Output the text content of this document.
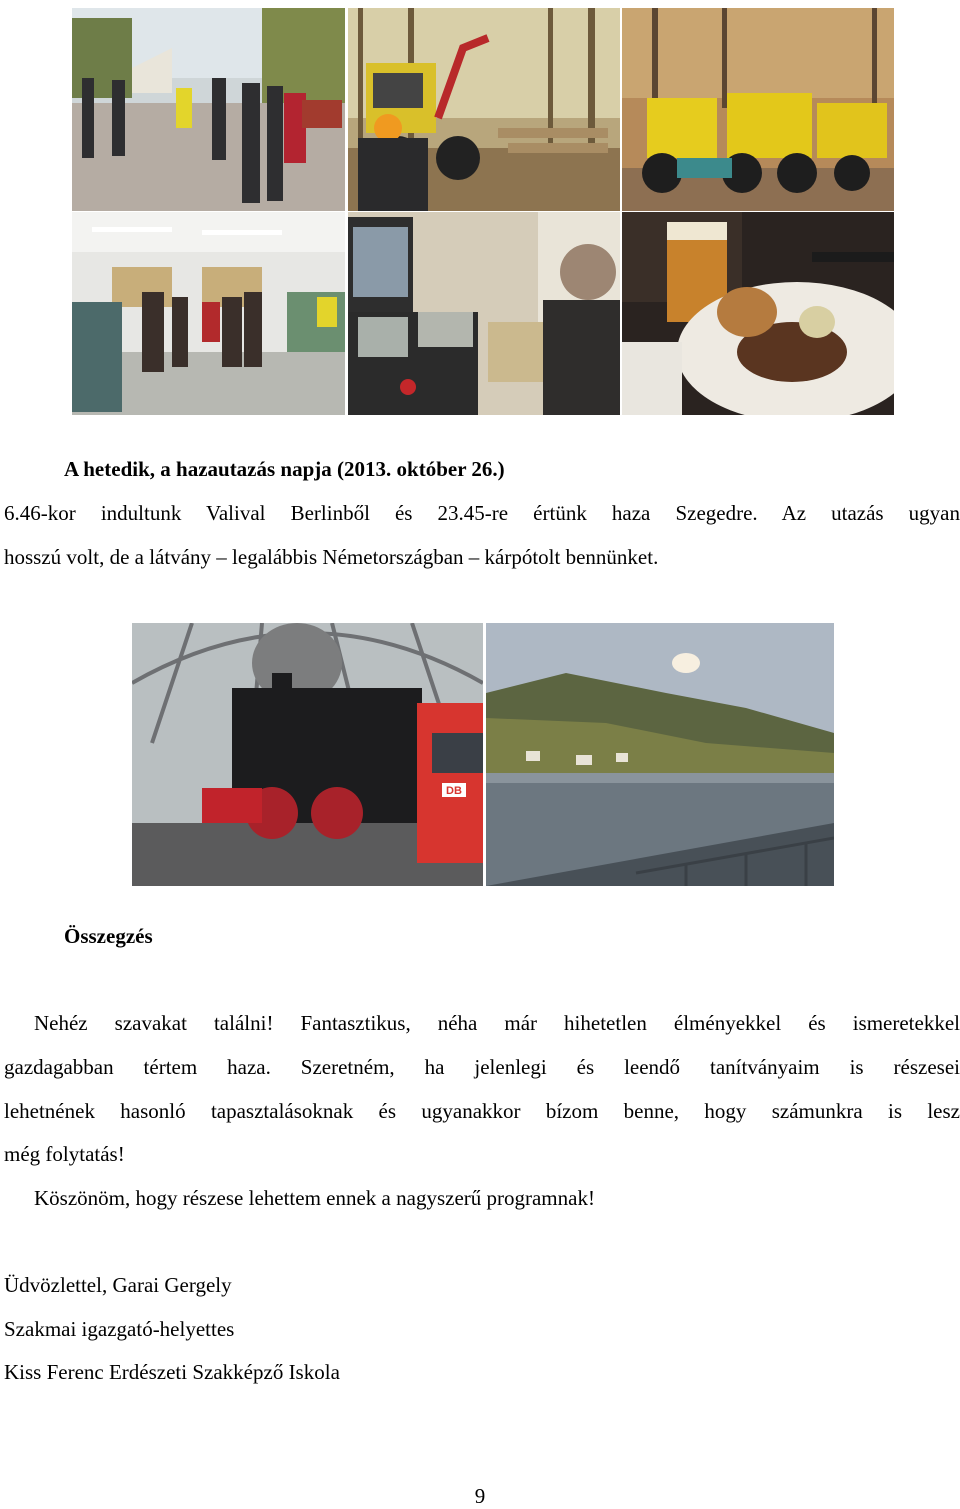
A hetedik, a hazautazás napja (2013. október 26.)
6.46-kor indultunk Valival Berlinből és 23.45-re értünk haza Szegedre. Az utazás ugyan
hosszú volt, de a látvány – legalábbis Németországban – kárpótolt bennünket.
DB
Összegzés
Nehéz szavakat találni! Fantasztikus, néha már hihetetlen élményekkel és ismeretekkel
gazdagabban tértem haza. Szeretném, ha jelenlegi és leendő tanítványaim is részesei
lehetnének hasonló tapasztalásoknak és ugyanakkor bízom benne, hogy számunkra is lesz
még folytatás!
Köszönöm, hogy részese lehettem ennek a nagyszerű programnak!
Üdvözlettel, Garai Gergely
Szakmai igazgató-helyettes
Kiss Ferenc Erdészeti Szakképző Iskola
9
